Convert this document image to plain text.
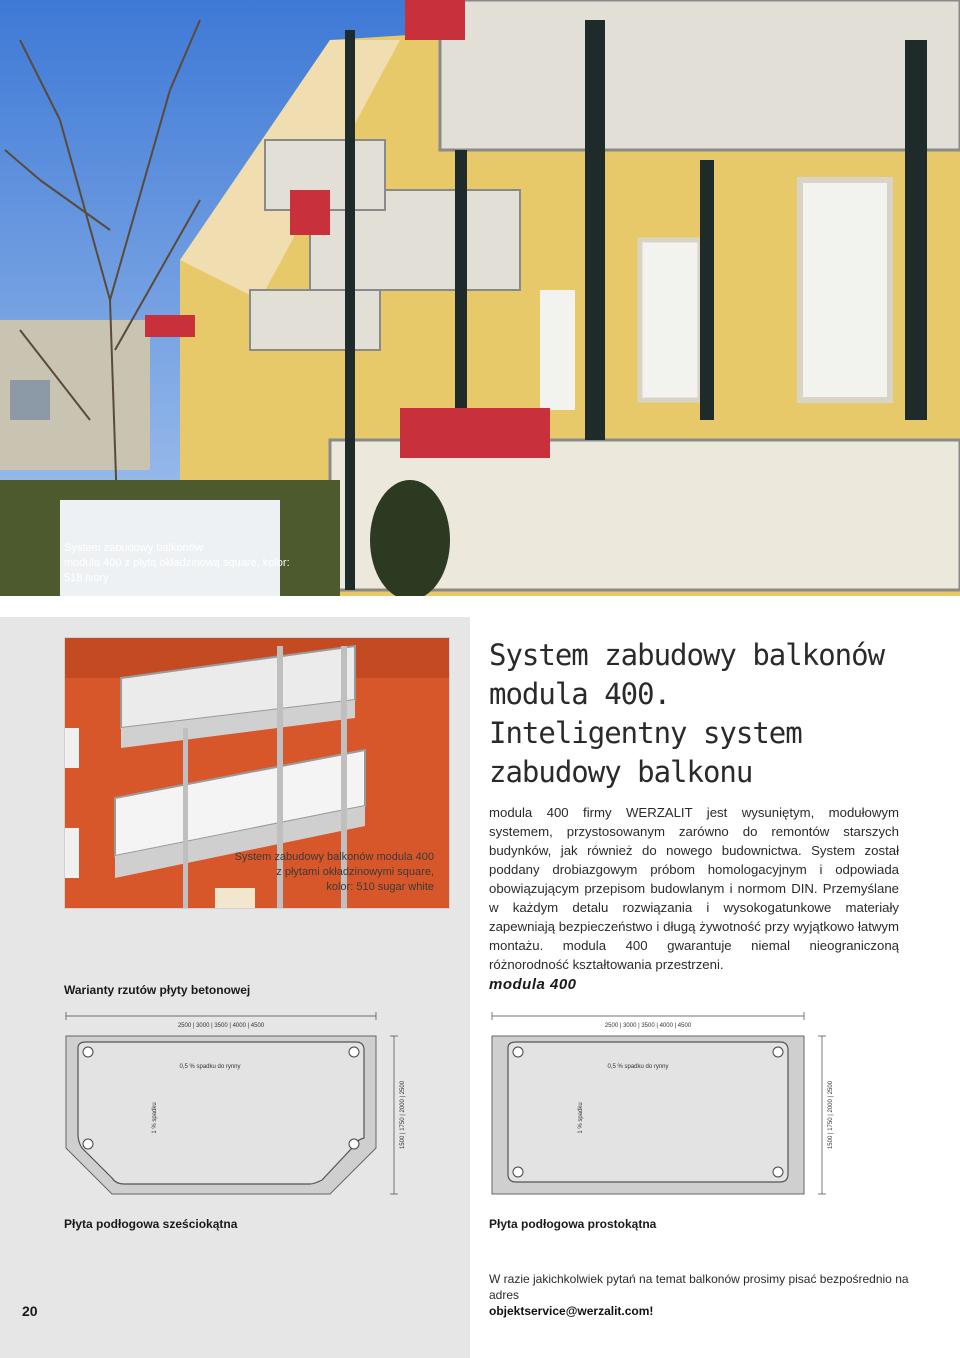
System zabudowy balkonów
modula 400 z płytą okładzinową square, kolor:
518 ivory
System zabudowy balkonów modula 400
z płytami okładzinowymi square,
kolor: 510 sugar white
System zabudowy balkonów
modula 400.
Inteligentny system
zabudowy balkonu
modula 400 firmy WERZALIT jest wysuniętym, modułowym systemem, przystosowanym zarówno do remontów starszych budynków, jak również do nowego budownictwa. System został poddany drobiazgowym próbom homologacyjnym i odpowiada obowiązującym przepisom budowlanym i normom DIN. Przemyślane w każdym detalu rozwiązania i wysokogatunkowe materiały zapewniają bezpieczeństwo i długą żywotność przy wyjątkowo łatwym montażu. modula 400 gwarantuje niemal nieograniczoną różnorodność kształtowania przestrzeni.
Warianty rzutów płyty betonowej	modula 400
2500 | 3000 | 3500 | 4000 | 4500
0,5 % spadku do rynny
1 % spadku	1500 | 1750 | 2000 | 2500
2500 | 3000 | 3500 | 4000 | 4500
0,5 % spadku do rynny
1 % spadku	1500 | 1750 | 2000 | 2500
Płyta podłogowa sześciokątna	Płyta podłogowa prostokątna
W razie jakichkolwiek pytań na temat balkonów prosimy pisać bezpośrednio na adres
objektservice@werzalit.com!
20
